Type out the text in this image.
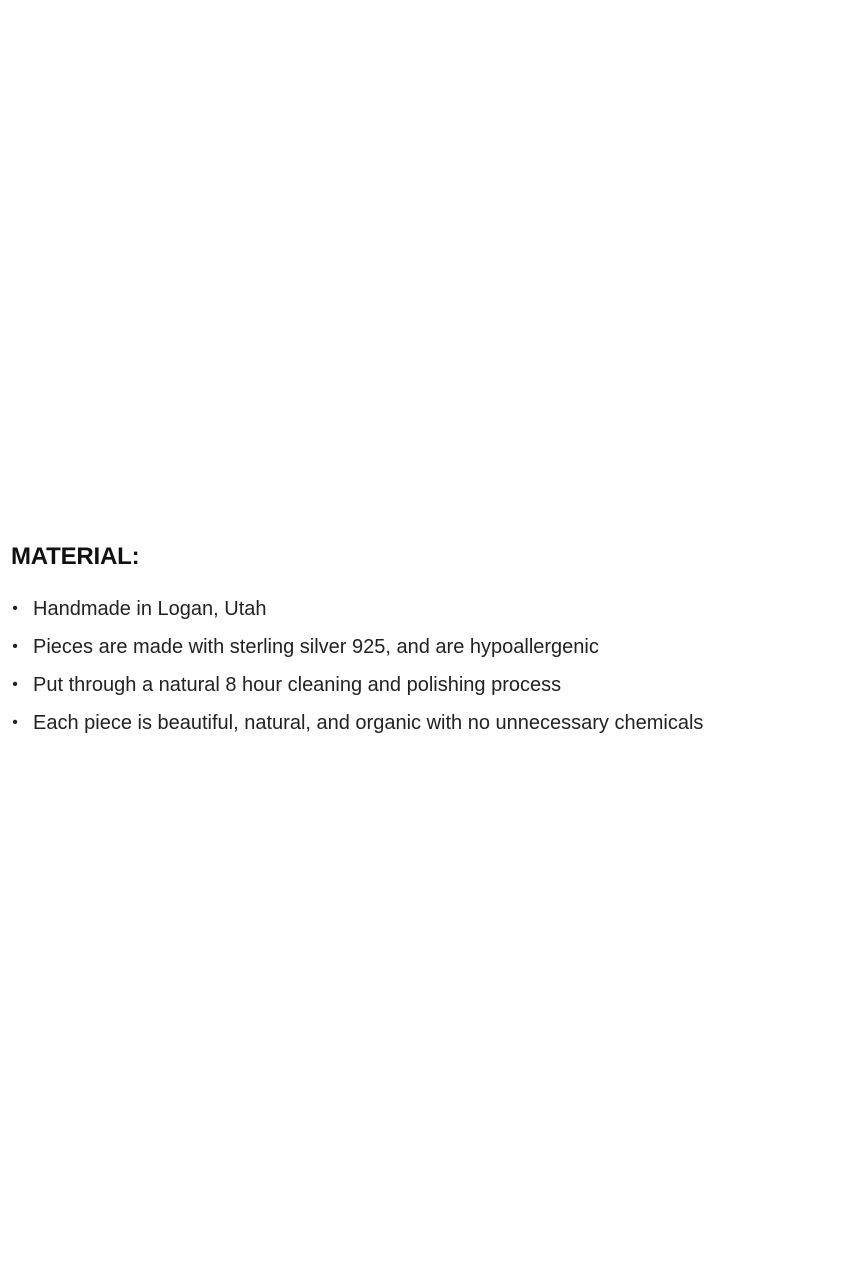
MATERIAL:
• Handmade in Logan, Utah
• Pieces are made with sterling silver 925, and are hypoallergenic
• Put through a natural 8 hour cleaning and polishing process
• Each piece is beautiful, natural, and organic with no unnecessary chemicals
